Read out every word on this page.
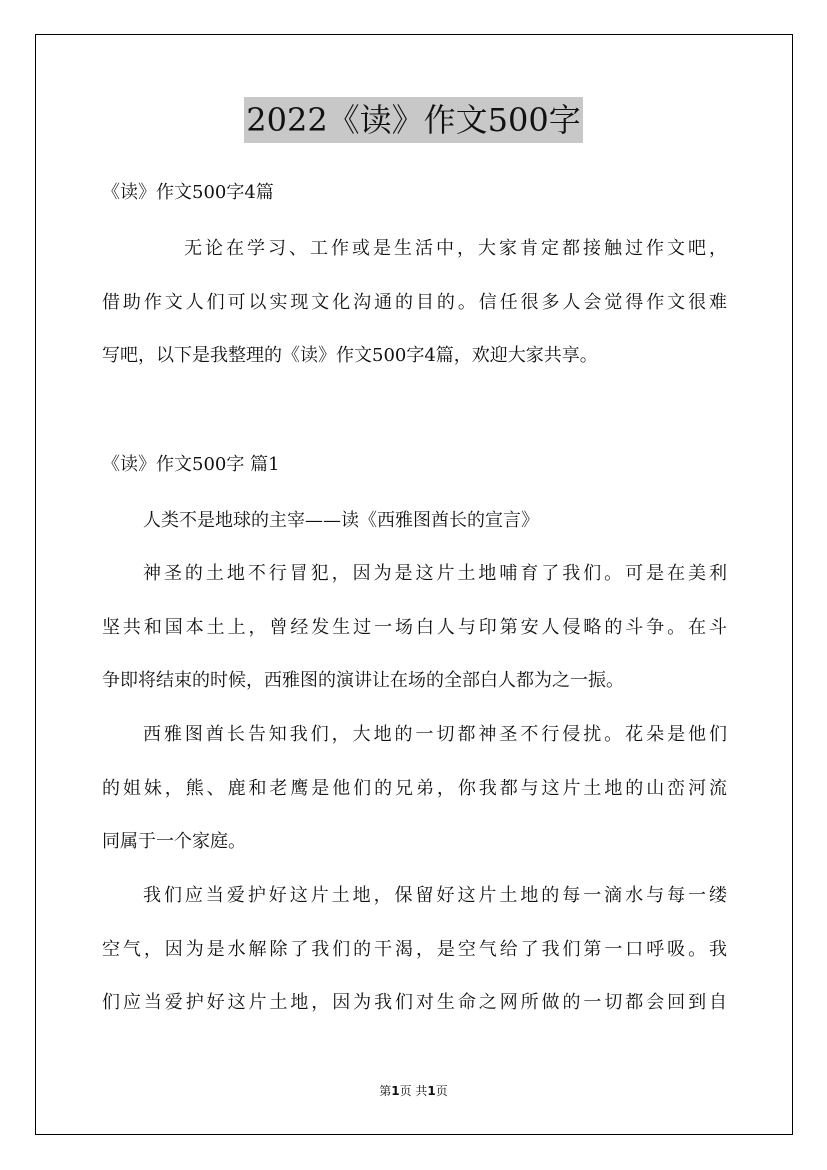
2022《读》作文500字
《读》作文500字4篇
无论在学习、工作或是生活中，大家肯定都接触过作文吧，
借助作文人们可以实现文化沟通的目的。信任很多人会觉得作文很难
写吧，以下是我整理的《读》作文500字4篇，欢迎大家共享。
《读》作文500字 篇1
人类不是地球的主宰——读《西雅图酋长的宣言》
神圣的土地不行冒犯，因为是这片土地哺育了我们。可是在美利
坚共和国本土上，曾经发生过一场白人与印第安人侵略的斗争。在斗
争即将结束的时候，西雅图的演讲让在场的全部白人都为之一振。
西雅图酋长告知我们，大地的一切都神圣不行侵扰。花朵是他们
的姐妹，熊、鹿和老鹰是他们的兄弟，你我都与这片土地的山峦河流
同属于一个家庭。
我们应当爱护好这片土地，保留好这片土地的每一滴水与每一缕
空气，因为是水解除了我们的干渴，是空气给了我们第一口呼吸。我
们应当爱护好这片土地，因为我们对生命之网所做的一切都会回到自
第1页 共1页
